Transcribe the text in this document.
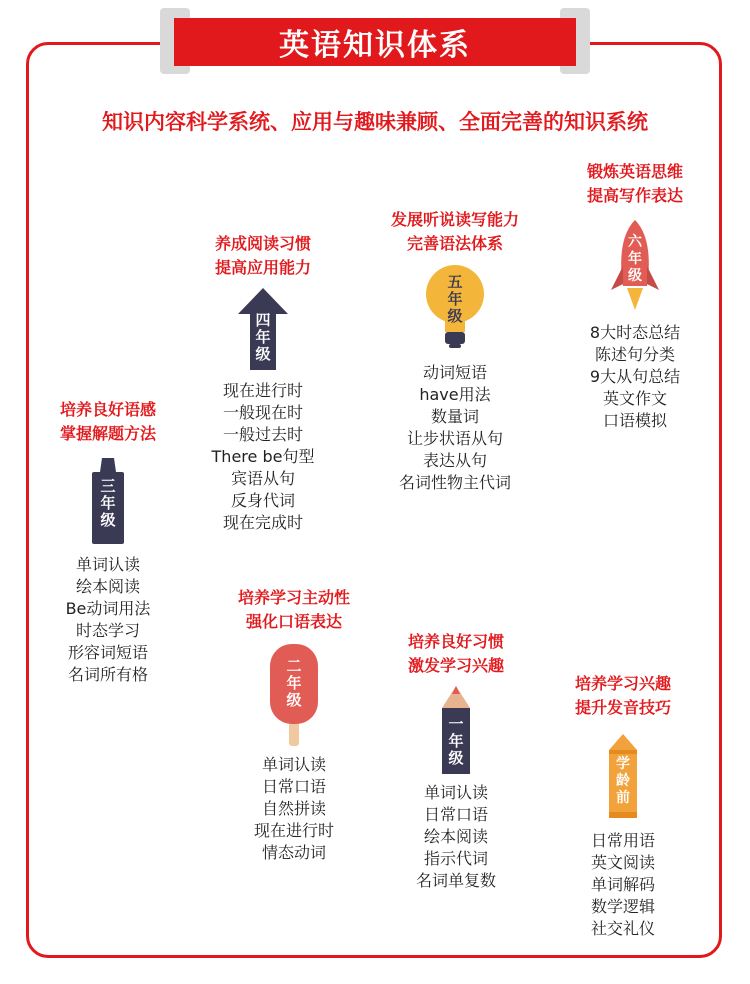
英语知识体系
知识内容科学系统、应用与趣味兼顾、全面完善的知识系统
培养学习兴趣
提升发音技巧
学龄前
日常用语
英文阅读
单词解码
数学逻辑
社交礼仪
培养良好习惯
激发学习兴趣
一年级
单词认读
日常口语
绘本阅读
指示代词
名词单复数
培养学习主动性
强化口语表达
二年级
单词认读
日常口语
自然拼读
现在进行时
情态动词
培养良好语感
掌握解题方法
三年级
单词认读
绘本阅读
Be动词用法
时态学习
形容词短语
名词所有格
养成阅读习惯
提高应用能力
四年级
现在进行时
一般现在时
一般过去时
There be句型
宾语从句
反身代词
现在完成时
发展听说读写能力
完善语法体系
五年级
动词短语
have用法
数量词
让步状语从句
表达从句
名词性物主代词
锻炼英语思维
提高写作表达
六年级
8大时态总结
陈述句分类
9大从句总结
英文作文
口语模拟
